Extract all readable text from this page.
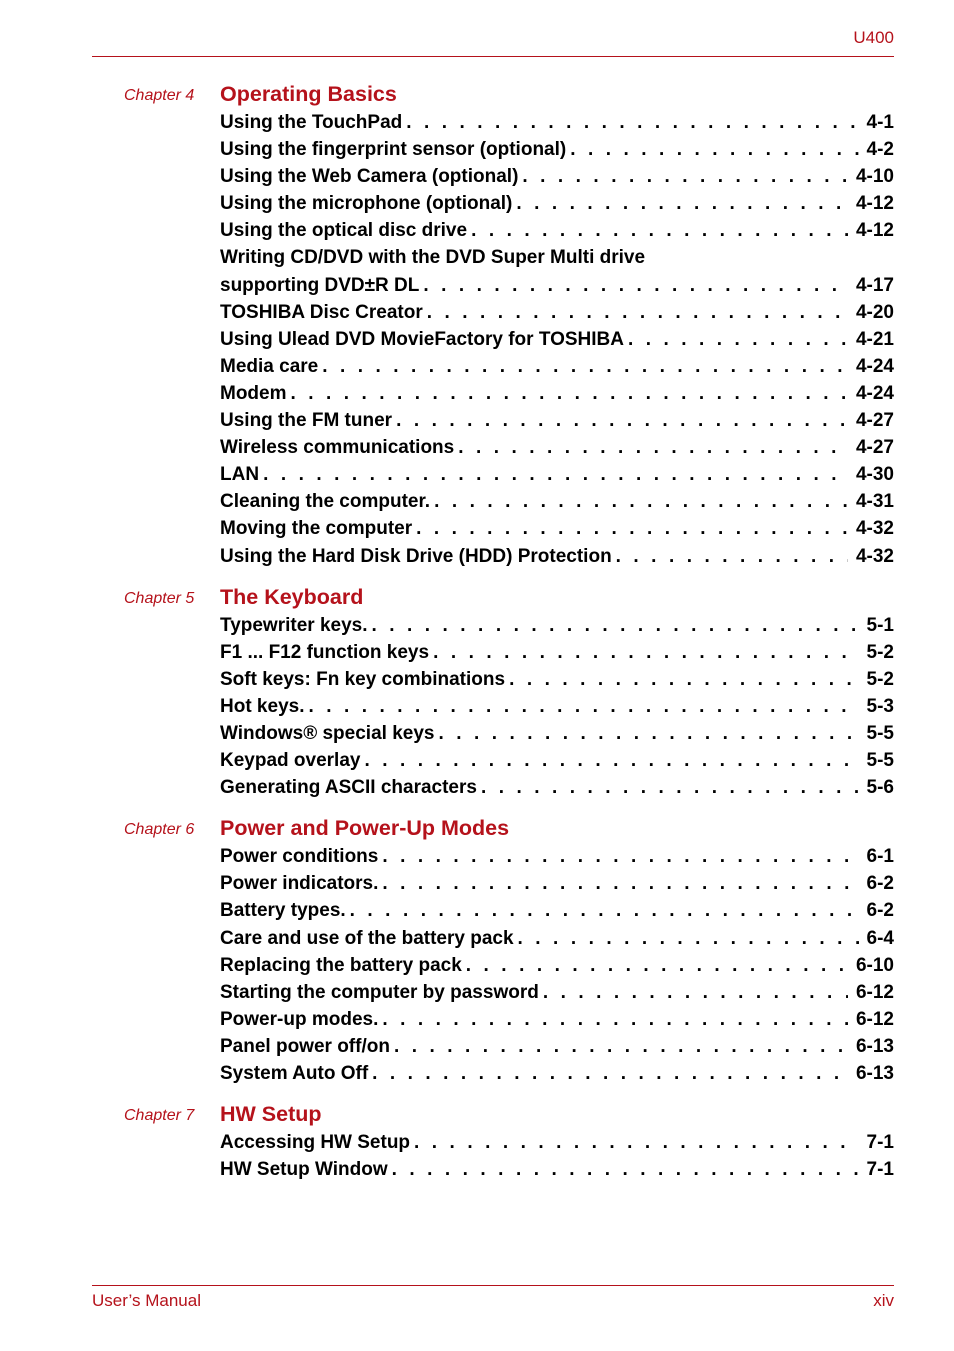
U400
Chapter 4 Operating Basics
Using the TouchPad . . .	4-1
Using the fingerprint sensor (optional) . . .	4-2
Using the Web Camera (optional) . . .	4-10
Using the microphone (optional) . . .	4-12
Using the optical disc drive . . .	4-12
Writing CD/DVD with the DVD Super Multi drive
supporting DVD±R DL . . .	4-17
TOSHIBA Disc Creator . . .	4-20
Using Ulead DVD MovieFactory for TOSHIBA . . .	4-21
Media care . . .	4-24
Modem . . .	4-24
Using the FM tuner . . .	4-27
Wireless communications . . .	4-27
LAN . . .	4-30
Cleaning the computer. . . .	4-31
Moving the computer . . .	4-32
Using the Hard Disk Drive (HDD) Protection . . .	4-32
Chapter 5 The Keyboard
Typewriter keys. . . .	5-1
F1 ... F12 function keys . . .	5-2
Soft keys: Fn key combinations . . .	5-2
Hot keys. . . .	5-3
Windows® special keys . . .	5-5
Keypad overlay . . .	5-5
Generating ASCII characters . . .	5-6
Chapter 6 Power and Power-Up Modes
Power conditions . . .	6-1
Power indicators. . . .	6-2
Battery types. . . .	6-2
Care and use of the battery pack . . .	6-4
Replacing the battery pack . . .	6-10
Starting the computer by password . . .	6-12
Power-up modes. . . .	6-12
Panel power off/on . . .	6-13
System Auto Off . . .	6-13
Chapter 7 HW Setup
Accessing HW Setup . . .	7-1
HW Setup Window . . .	7-1
User’s Manual	xiv
